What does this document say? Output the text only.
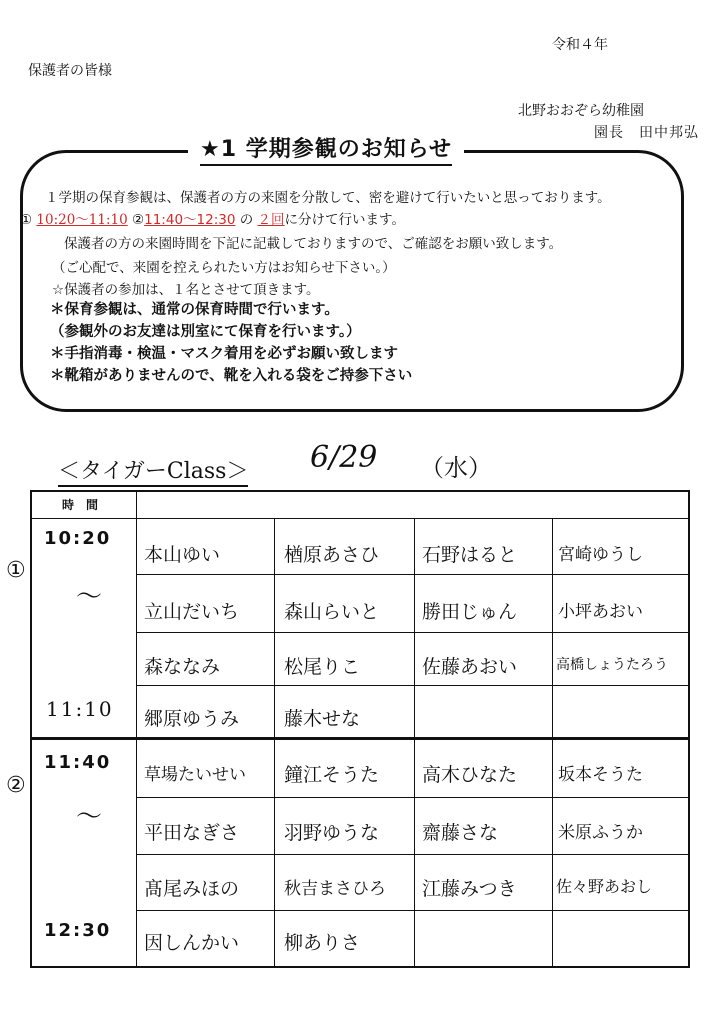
令和４年
保護者の皆様
北野おおぞら幼稚園
園長　田中邦弘
★1 学期参観のお知らせ
１学期の保育参観は、保護者の方の来園を分散して、密を避けて行いたいと思っております。
① 10:20～11:10 ②11:40～12:30 の ２回に分けて行います。
保護者の方の来園時間を下記に記載しておりますので、ご確認をお願い致します。
（ご心配で、来園を控えられたい方はお知らせ下さい。）
☆保護者の参加は、１名とさせて頂きます。
＊保育参観は、通常の保育時間で行います。
（参観外のお友達は別室にて保育を行います。）
＊手指消毒・検温・マスク着用を必ずお願い致します
＊靴箱がありませんので、靴を入れる袋をご持参下さい
＜タイガーClass＞ 6/29 （水）
①
②
時　間
10:20
〜
11:10
11:40
〜
12:30
本山ゆい	楢原あさひ 石野はると 宮崎ゆうし
立山だいち 森山らいと 勝田じゅん 小坪あおい
森ななみ	松尾りこ	佐藤あおい	高橋しょうたろう
郷原ゆうみ 藤木せな
草場たいせい 鐘江そうた 高木ひなた 坂本そうた
平田なぎさ 羽野ゆうな 齋藤さな	米原ふうか
髙尾みほの	秋吉まさひろ 江藤みつき 佐々野あおし
因しんかい 柳ありさ
